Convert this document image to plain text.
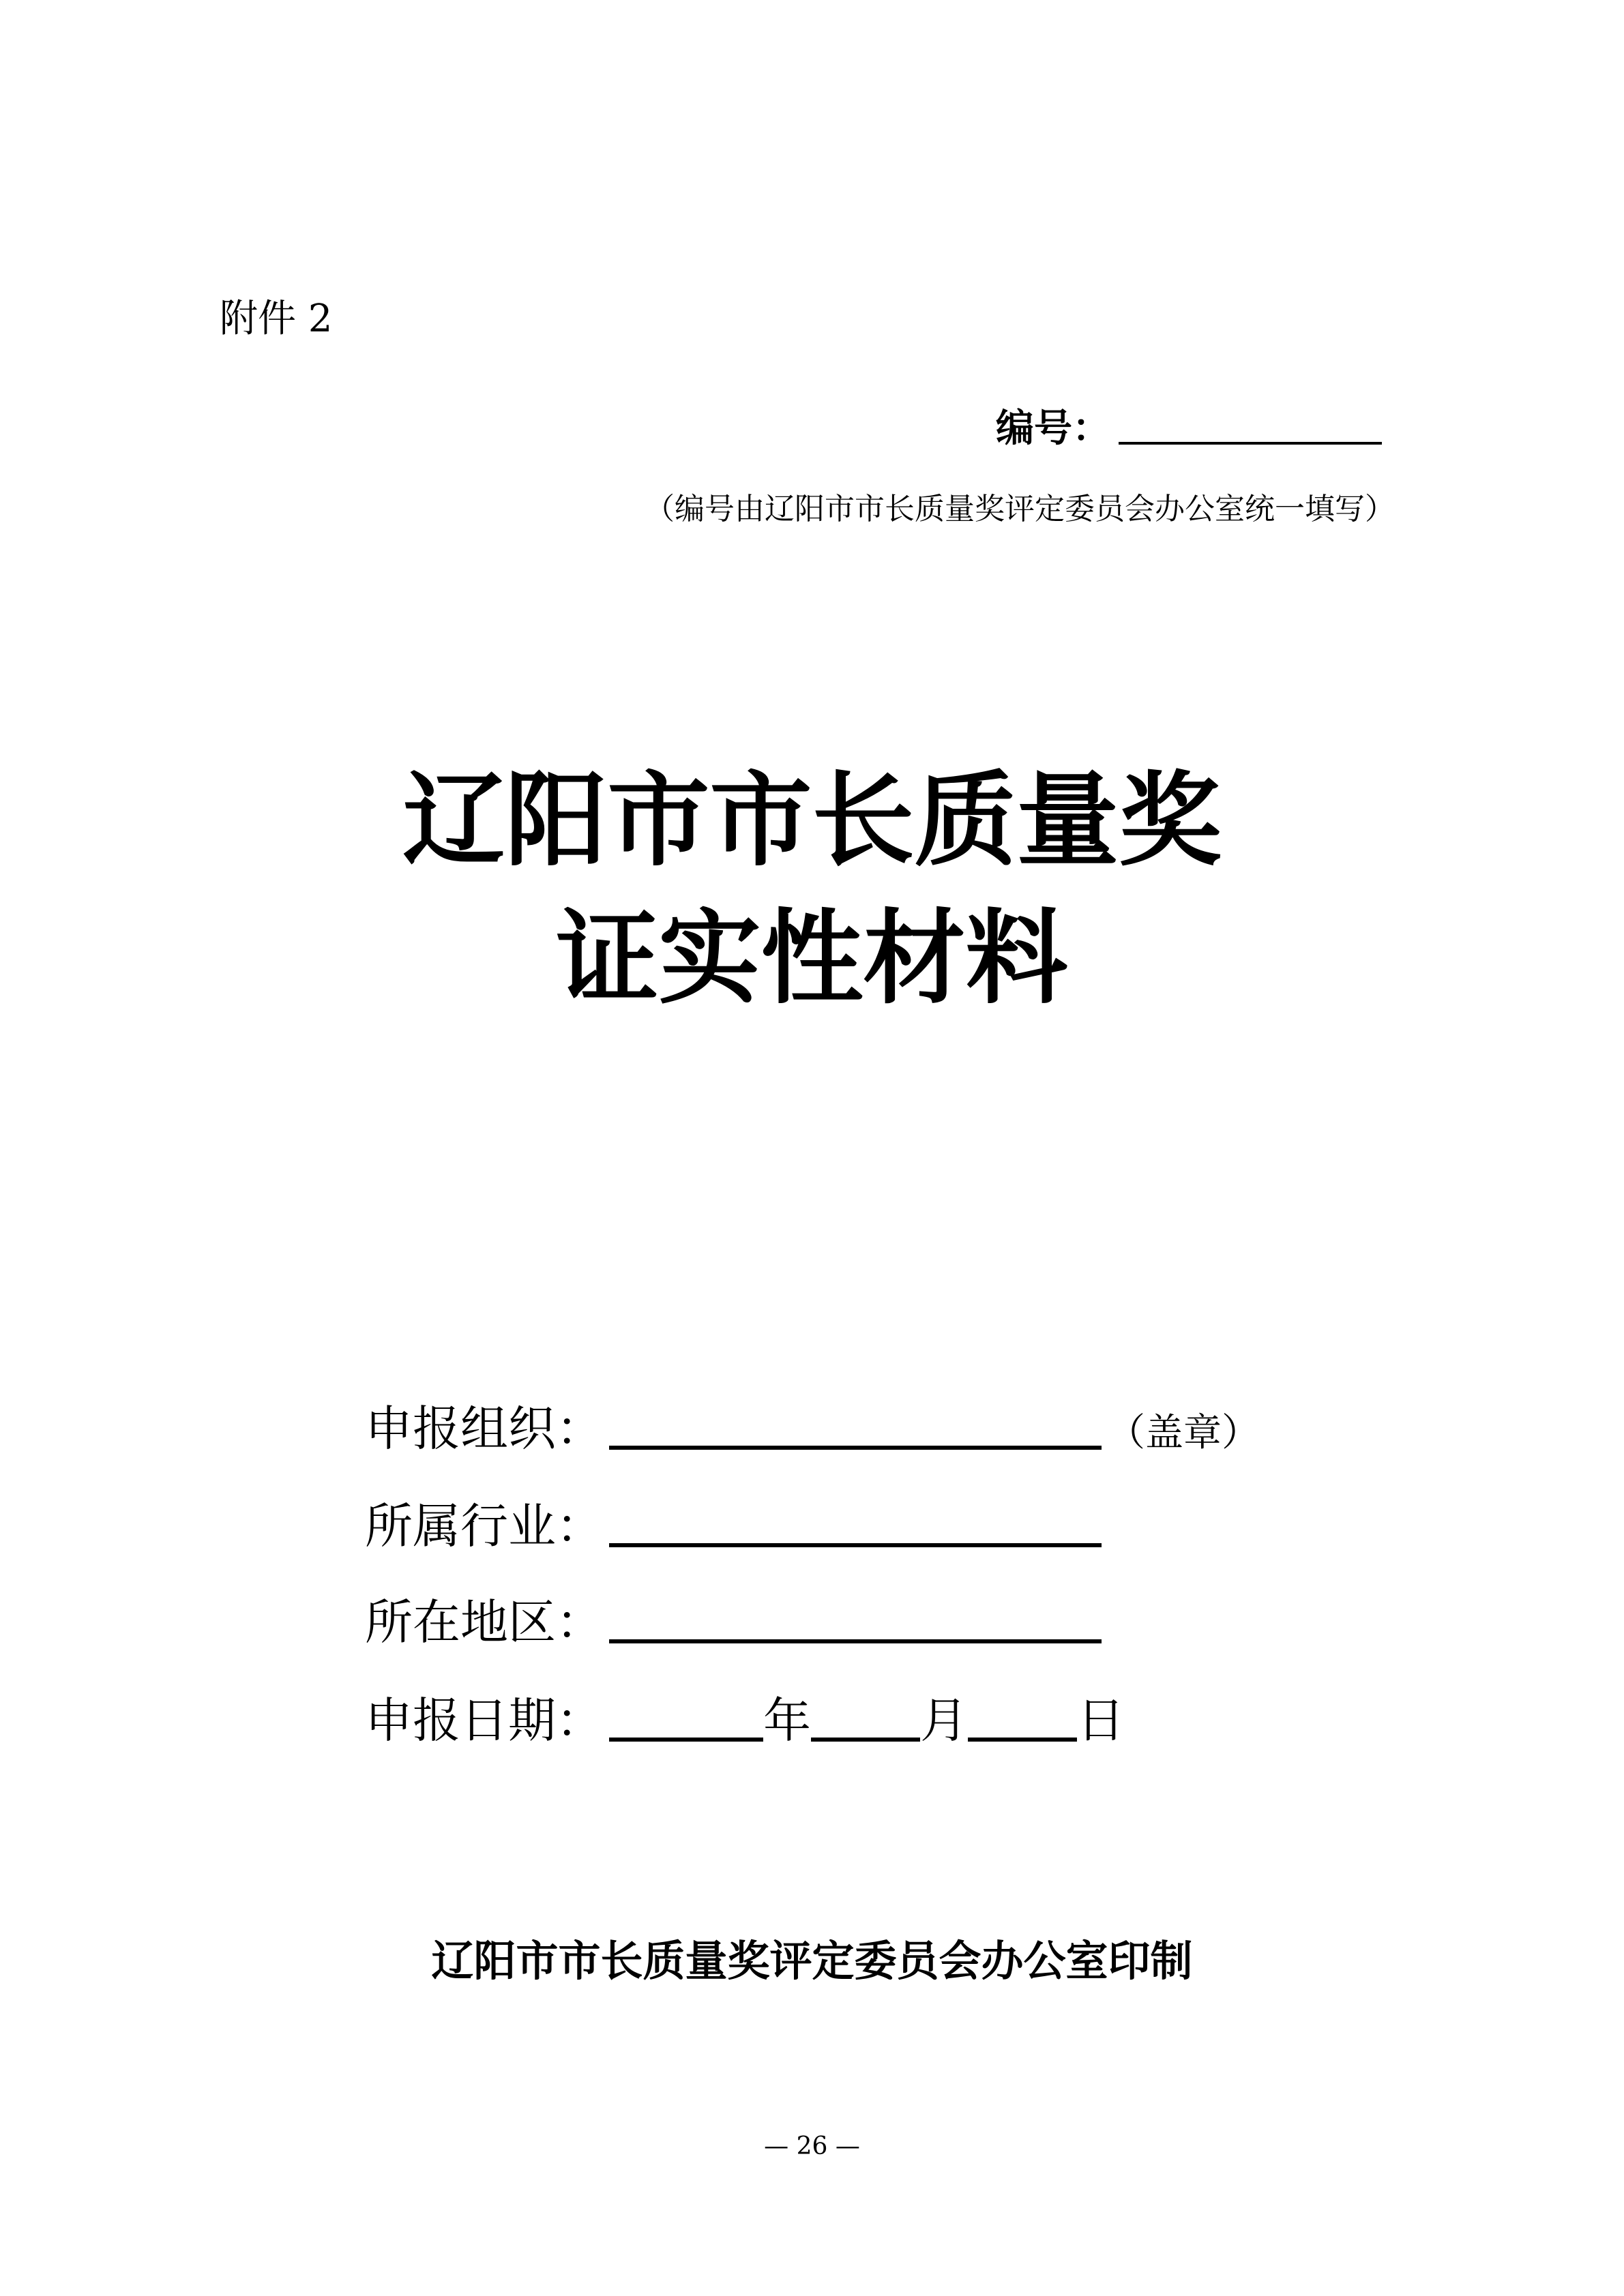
附件 2
编号：
（编号由辽阳市市长质量奖评定委员会办公室统一填写）
辽阳市市长质量奖
证实性材料
申报组织：	（盖章）
所属行业：
所在地区：
申报日期：	年 月 日
辽阳市市长质量奖评定委员会办公室印制
— 26 —
